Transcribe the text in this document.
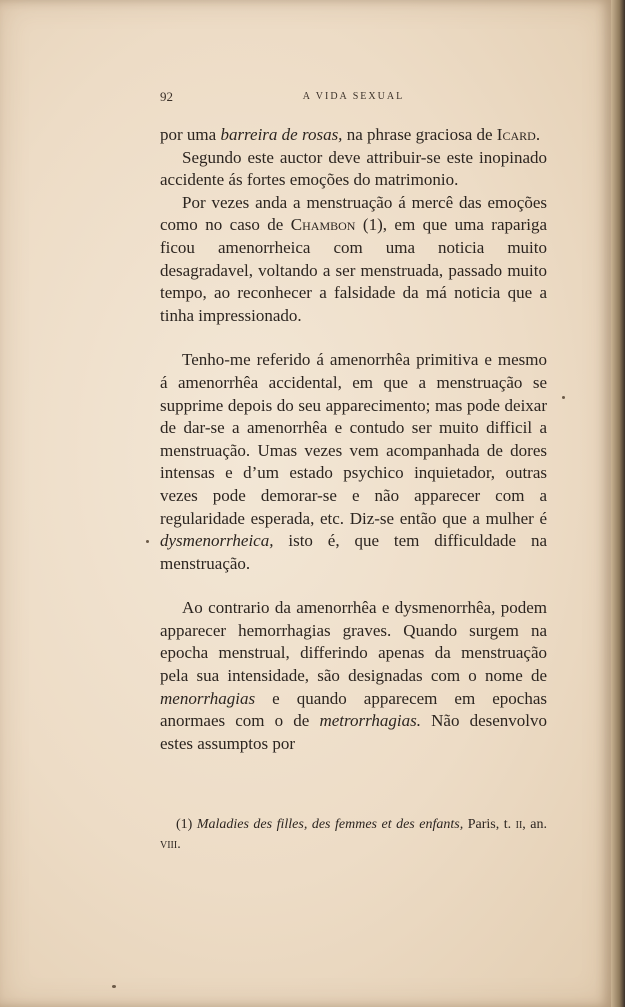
92	A VIDA SEXUAL

por uma barreira de rosas, na phrase graciosa de Icard.

Segundo este auctor deve attribuir-se este inopinado accidente ás fortes emoções do matrimonio.

Por vezes anda a menstruação á mercê das emoções como no caso de Chambon (1), em que uma rapariga ficou amenorrheica com uma noticia muito desagradavel, voltando a ser menstruada, passado muito tempo, ao reconhecer a falsidade da má noticia que a tinha impressionado.

Tenho-me referido á amenorrhêa primitiva e mesmo á amenorrhêa accidental, em que a menstruação se supprime depois do seu apparecimento; mas pode deixar de dar-se a amenorrhêa e contudo ser muito difficil a menstruação. Umas vezes vem acompanhada de dores intensas e d’um estado psychico inquietador, outras vezes pode demorar-se e não apparecer com a regularidade esperada, etc. Diz-se então que a mulher é dysmenorrheica, isto é, que tem difficuldade na menstruação.

Ao contrario da amenorrhêa e dysmenorrhêa, podem apparecer hemorrhagias graves. Quando surgem na epocha menstrual, differindo apenas da menstruação pela sua intensidade, são designadas com o nome de menorrhagias e quando apparecem em epochas anormaes com o de metrorrhagias. Não desenvolvo estes assumptos por

(1) Maladies des filles, des femmes et des enfants, Paris, t. ii, an. viii.
